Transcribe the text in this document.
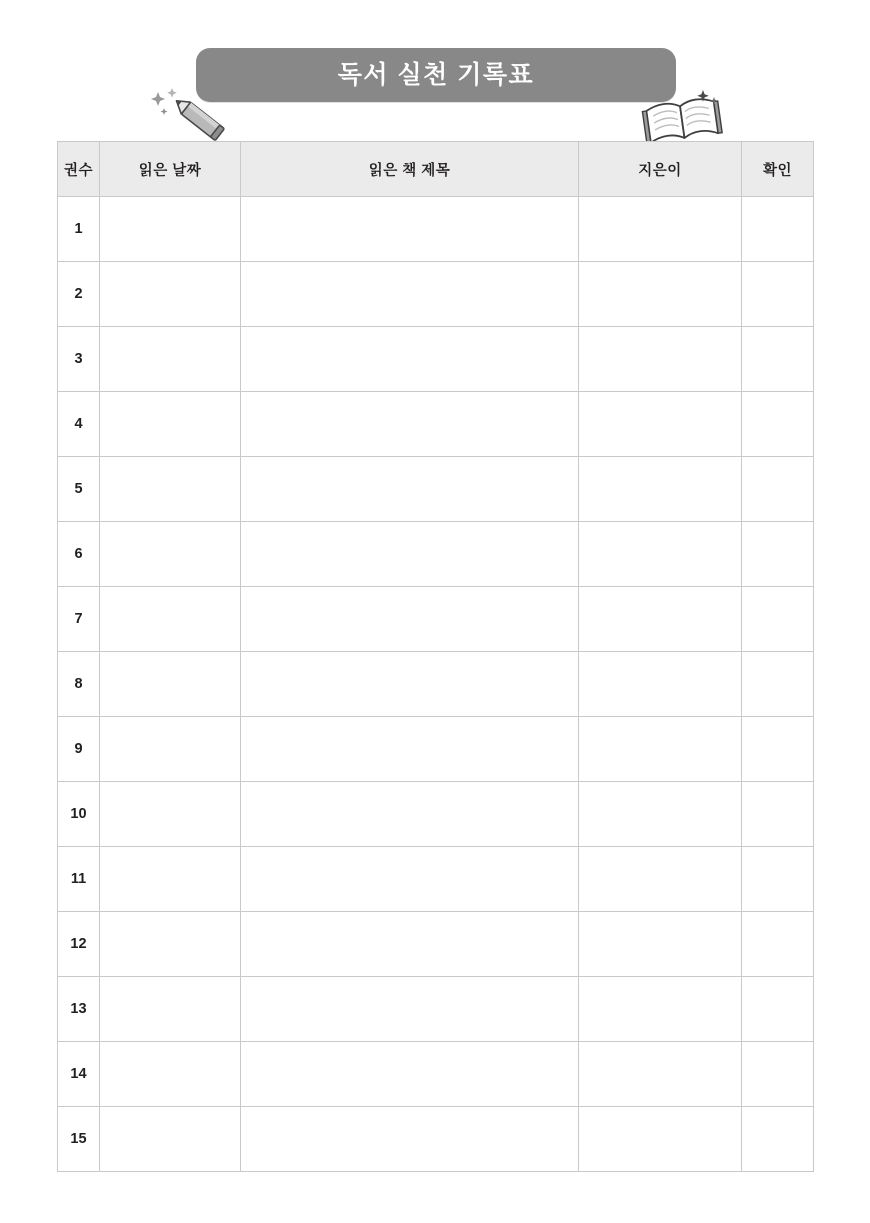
독서 실천 기록표
권수	읽은 날짜	읽은 책 제목	지은이	확인
1				
2				
3				
4				
5				
6				
7				
8				
9				
10				
11				
12				
13				
14				
15				
